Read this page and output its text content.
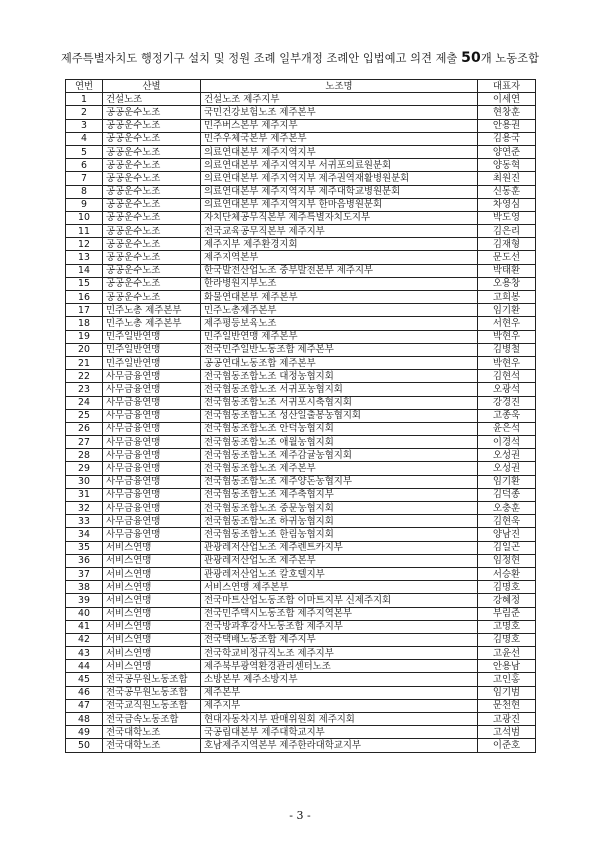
제주특별자치도 행정기구 설치 및 정원 조례 일부개정 조례안 입법예고 의견 제출 50개 노동조합
연번	산별	노조명	대표자
1	건설노조	건설노조 제주지부	이세연
2	공공운수노조	국민건강보험노조 제주본부	현창훈
3	공공운수노조	민주버스본부 제주지부	안용권
4	공공운수노조	민주우체국본부 제주본부	김용국
5	공공운수노조	의료연대본부 제주지역지부	양연준
6	공공운수노조	의료연대본부 제주지역지부 서귀포의료원분회	양동혁
7	공공운수노조	의료연대본부 제주지역지부 제주권역재활병원분회	최원진
8	공공운수노조	의료연대본부 제주지역지부 제주대학교병원분회	신동훈
9	공공운수노조	의료연대본부 제주지역지부 한마음병원분회	차영심
10	공공운수노조	자치단체공무직본부 제주특별자치도지부	박도영
11	공공운수노조	전국교육공무직본부 제주지부	김은리
12	공공운수노조	제주지부 제주환경지회	김재형
13	공공운수노조	제주지역본부	문도선
14	공공운수노조	한국발전산업노조 중부발전본부 제주지부	박태환
15	공공운수노조	한라병원지부노조	오용창
16	공공운수노조	화물연대본부 제주본부	고희봉
17	민주노총 제주본부	민주노총제주본부	임기환
18	민주노총 제주본부	제주평등보육노조	서현우
19	민주일반연맹	민주일반연맹 제주본부	박현우
20	민주일반연맹	전국민주일반노동조합 제주본부	김병철
21	민주일반연맹	공공연대노동조합 제주본부	박현우
22	사무금융연맹	전국협동조합노조 대정농협지회	김현석
23	사무금융연맹	전국협동조합노조 서귀포농협지회	오광석
24	사무금융연맹	전국협동조합노조 서귀포시축협지회	강경진
25	사무금융연맹	전국협동조합노조 성산일출봉농협지회	고종욱
26	사무금융연맹	전국협동조합노조 안덕농협지회	윤은석
27	사무금융연맹	전국협동조합노조 애월농협지회	이경석
28	사무금융연맹	전국협동조합노조 제주감귤농협지회	오성권
29	사무금융연맹	전국협동조합노조 제주본부	오성권
30	사무금융연맹	전국협동조합노조 제주양돈농협지부	임기환
31	사무금융연맹	전국협동조합노조 제주축협지부	김덕종
32	사무금융연맹	전국협동조합노조 중문농협지회	오충훈
33	사무금융연맹	전국협동조합노조 하귀농협지회	김현욱
34	사무금융연맹	전국협동조합노조 한림농협지회	양남진
35	서비스연맹	관광레저산업노조 제주렌트카지부	김일곤
36	서비스연맹	관광레저산업노조 제주본부	임정현
37	서비스연맹	관광레저산업노조 칼호텔지부	서승환
38	서비스연맹	서비스연맹 제주본부	김명호
39	서비스연맹	전국마트산업노동조합 이마트지부 신제주지회	강혜정
40	서비스연맹	전국민주택시노동조합 제주지역본부	부림준
41	서비스연맹	전국방과후강사노동조합 제주지부	고명호
42	서비스연맹	전국택배노동조합 제주지부	김명호
43	서비스연맹	전국학교비정규직노조 제주지부	고윤선
44	서비스연맹	제주북부광역환경관리센터노조	안용남
45	전국공무원노동조합	소방본부 제주소방지부	고인홍
46	전국공무원노동조합	제주본부	임기범
47	전국교직원노동조합	제주지부	문천현
48	전국금속노동조합	현대자동차지부 판매위원회 제주지회	고광진
49	전국대학노조	국공립대본부 제주대학교지부	고석범
50	전국대학노조	호남제주지역본부 제주한라대학교지부	이준호
- 3 -
